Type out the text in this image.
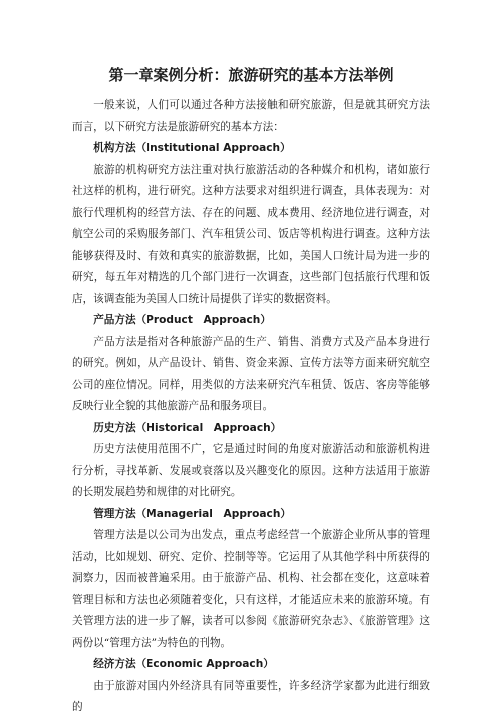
第一章案例分析：旅游研究的基本方法举例

一般来说，人们可以通过各种方法接触和研究旅游，但是就其研究方法而言，以下研究方法是旅游研究的基本方法：

机构方法（Institutional Approach）

旅游的机构研究方法注重对执行旅游活动的各种媒介和机构，诸如旅行社这样的机构，进行研究。这种方法要求对组织进行调查，具体表现为：对旅行代理机构的经营方法、存在的问题、成本费用、经济地位进行调查，对航空公司的采购服务部门、汽车租赁公司、饭店等机构进行调查。这种方法能够获得及时、有效和真实的旅游数据，比如，美国人口统计局为进一步的研究，每五年对精选的几个部门进行一次调查，这些部门包括旅行代理和饭店，该调查能为美国人口统计局提供了详实的数据资料。

产品方法（Product　Approach）

产品方法是指对各种旅游产品的生产、销售、消费方式及产品本身进行的研究。例如，从产品设计、销售、资金来源、宣传方法等方面来研究航空公司的座位情况。同样，用类似的方法来研究汽车租赁、饭店、客房等能够反映行业全貌的其他旅游产品和服务项目。

历史方法（Historical　Approach）

历史方法使用范围不广，它是通过时间的角度对旅游活动和旅游机构进行分析，寻找革新、发展或衰落以及兴趣变化的原因。这种方法适用于旅游的长期发展趋势和规律的对比研究。

管理方法（Managerial　Approach）

管理方法是以公司为出发点，重点考虑经营一个旅游企业所从事的管理活动，比如规划、研究、定价、控制等等。它运用了从其他学科中所获得的洞察力，因而被普遍采用。由于旅游产品、机构、社会都在变化，这意味着管理目标和方法也必须随着变化，只有这样，才能适应未来的旅游环境。有关管理方法的进一步了解，读者可以参阅《旅游研究杂志》、《旅游管理》这两份以“管理方法”为特色的刊物。

经济方法（Economic Approach）

由于旅游对国内外经济具有同等重要性，许多经济学家都为此进行细致的
